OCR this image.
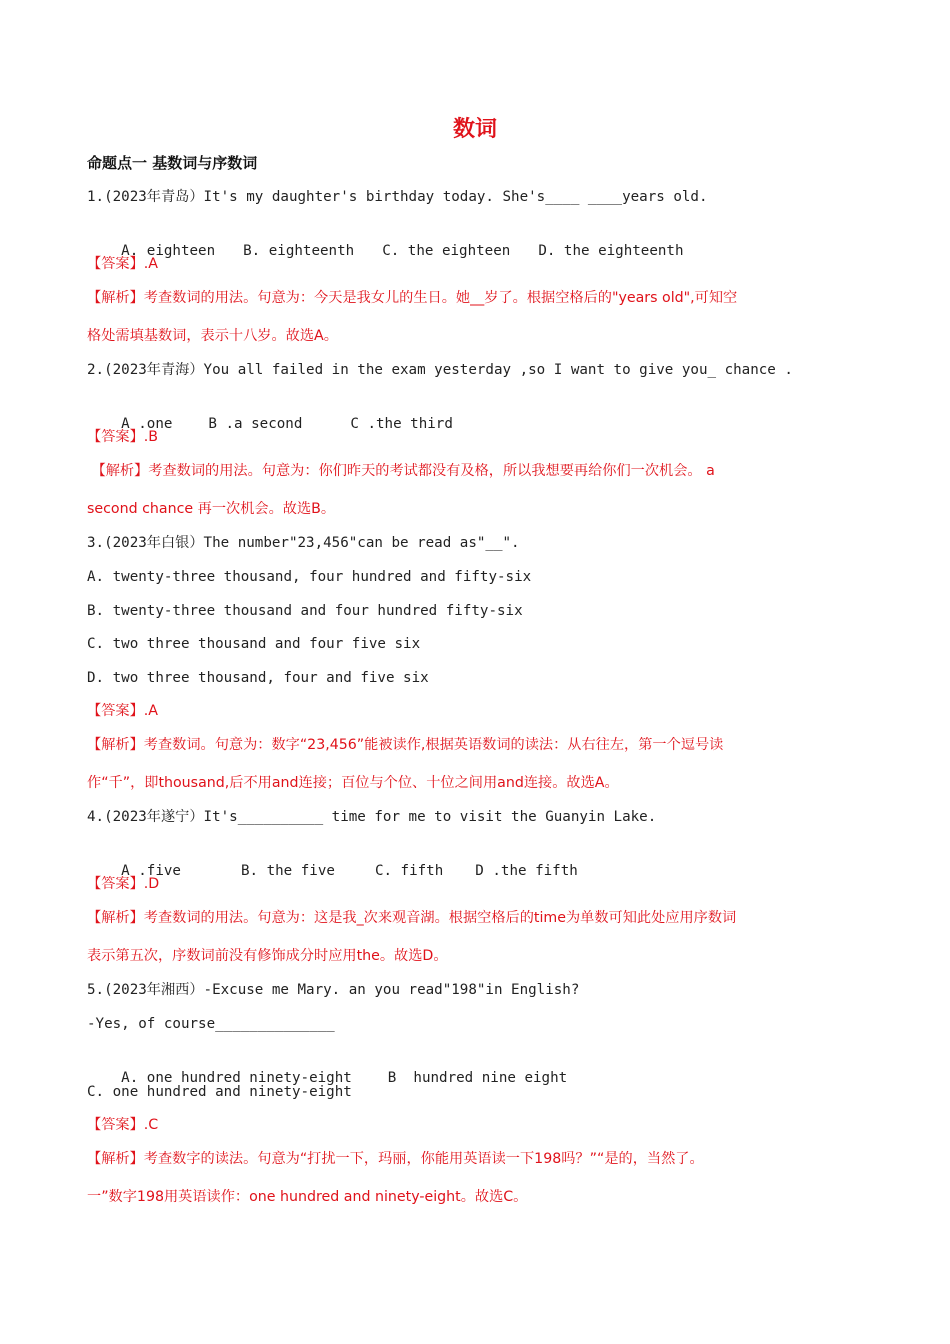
数词
命题点一 基数词与序数词
1.(2023年青岛）It's my daughter's birthday today. She's____ ____years old.

A. eighteen B. eighteenth C. the eighteen D. the eighteenth

【答案】.A
【解析】考查数词的用法。句意为：今天是我女儿的生日。她__岁了。根据空格后的"years old",可知空
格处需填基数词，表示十八岁。故选A。
2.(2023年青海）You all failed in the exam yesterday ,so I want to give you_ chance .

A .one	B .a second	C .the third

【答案】.B
【解析】考查数词的用法。句意为：你们昨天的考试都没有及格，所以我想要再给你们一次机会。 a
second chance 再一次机会。故选B。
3.(2023年白银）The number"23,456"can be read as"__".
A. twenty-three thousand, four hundred and fifty-six
B. twenty-three thousand and four hundred fifty-six
C. two three thousand and four five six
D. two three thousand, four and five six
【答案】.A
【解析】考查数词。句意为：数字“23,456”能被读作,根据英语数词的读法：从右往左，第一个逗号读
作“千”，即thousand,后不用and连接；百位与个位、十位之间用and连接。故选A。
4.(2023年遂宁）It's__________ time for me to visit the Guanyin Lake.

A .five	B. the five	C. fifth D .the fifth

【答案】.D
【解析】考查数词的用法。句意为：这是我_次来观音湖。根据空格后的time为单数可知此处应用序数词
表示第五次，序数词前没有修饰成分时应用the。故选D。
5.(2023年湘西）-Excuse me Mary. an you read"198"in English?
-Yes, of course______________

A. one hundred ninety-eight	B  hundred nine eight

C. one hundred and ninety-eight
【答案】.C
【解析】考查数字的读法。句意为“打扰一下，玛丽，你能用英语读一下198吗？”“是的，当然了。
一”数字198用英语读作：one hundred and ninety-eight。故选C。
